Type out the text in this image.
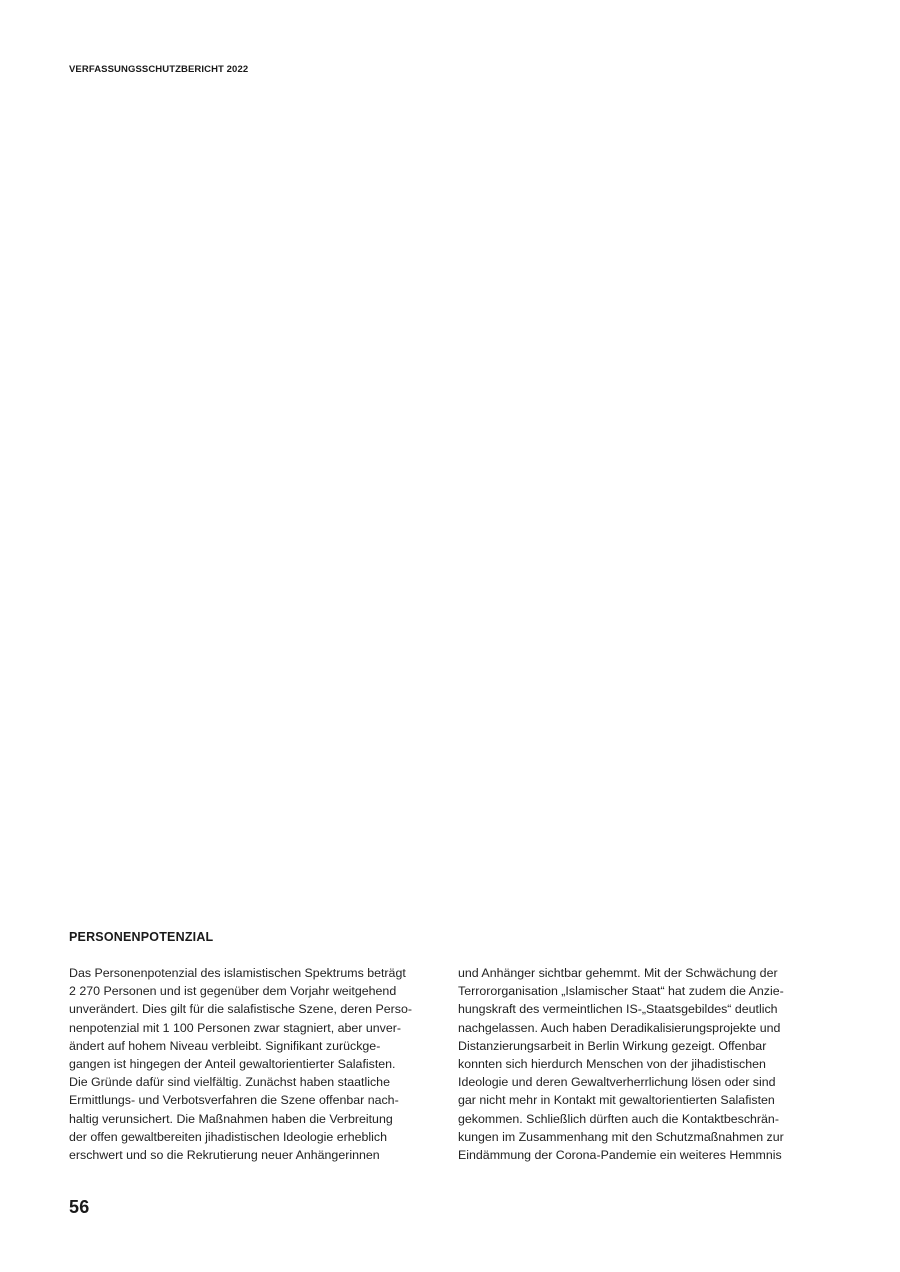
VERFASSUNGSSCHUTZBERICHT 2022
PERSONENPOTENZIAL
Das Personenpotenzial des islamistischen Spektrums beträgt
2 270 Personen und ist gegenüber dem Vorjahr weitgehend
unverändert. Dies gilt für die salafistische Szene, deren Perso-
nenpotenzial mit 1 100 Personen zwar stagniert, aber unver-
ändert auf hohem Niveau verbleibt. Signifikant zurückge-
gangen ist hingegen der Anteil gewaltorientierter Salafisten.
Die Gründe dafür sind vielfältig. Zunächst haben staatliche
Ermittlungs- und Verbotsverfahren die Szene offenbar nach-
haltig verunsichert. Die Maßnahmen haben die Verbreitung
der offen gewaltbereiten jihadistischen Ideologie erheblich
erschwert und so die Rekrutierung neuer Anhängerinnen
und Anhänger sichtbar gehemmt. Mit der Schwächung der
Terrororganisation „Islamischer Staat“ hat zudem die Anzie-
hungskraft des vermeintlichen IS-„Staatsgebildes“ deutlich
nachgelassen. Auch haben Deradikalisierungsprojekte und
Distanzierungsarbeit in Berlin Wirkung gezeigt. Offenbar
konnten sich hierdurch Menschen von der jihadistischen
Ideologie und deren Gewaltverherrlichung lösen oder sind
gar nicht mehr in Kontakt mit gewaltorientierten Salafisten
gekommen. Schließlich dürften auch die Kontaktbeschrän-
kungen im Zusammenhang mit den Schutzmaßnahmen zur
Eindämmung der Corona-Pandemie ein weiteres Hemmnis
56
